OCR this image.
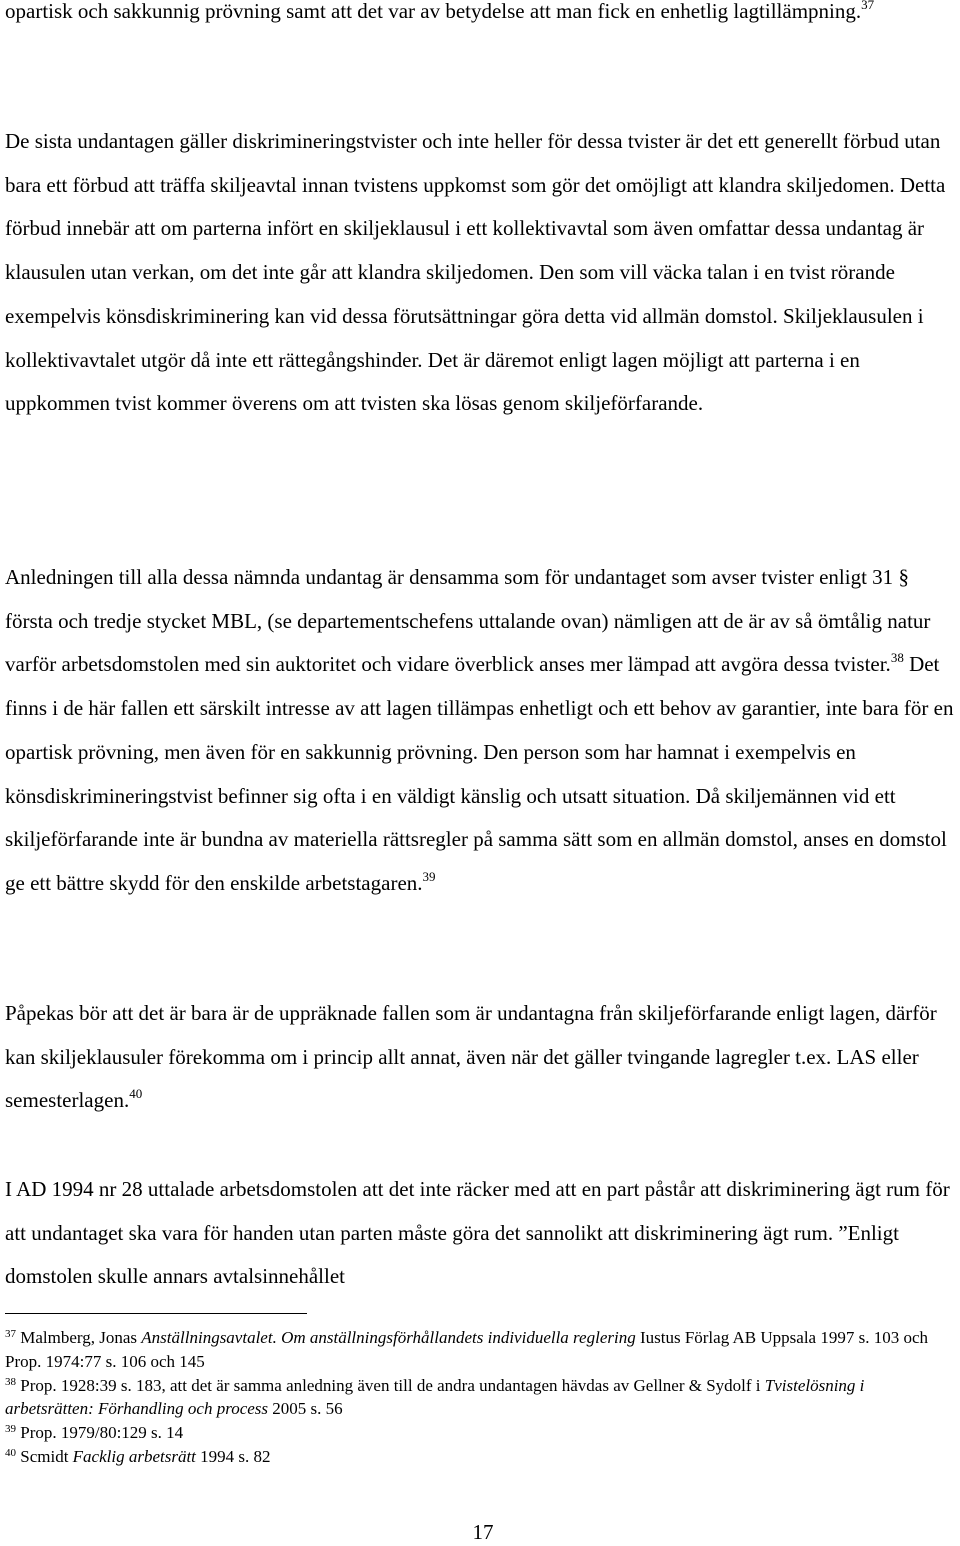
opartisk och sakkunnig prövning samt att det var av betydelse att man fick en enhetlig lagtillämpning.$^{37}$

De sista undantagen gäller diskrimineringstvister och inte heller för dessa tvister är det ett generellt förbud utan bara ett förbud att träffa skiljeavtal innan tvistens uppkomst som gör det omöjligt att klandra skiljedomen. Detta förbud innebär att om parterna infört en skiljeklausul i ett kollektivavtal som även omfattar dessa undantag är klausulen utan verkan, om det inte går att klandra skiljedomen. Den som vill väcka talan i en tvist rörande exempelvis könsdiskriminering kan vid dessa förutsättningar göra detta vid allmän domstol. Skiljeklausulen i kollektivavtalet utgör då inte ett rättegångshinder. Det är däremot enligt lagen möjligt att parterna i en uppkommen tvist kommer överens om att tvisten ska lösas genom skiljeförfarande.

Anledningen till alla dessa nämnda undantag är densamma som för undantaget som avser tvister enligt 31 § första och tredje stycket MBL, (se departementschefens uttalande ovan) nämligen att de är av så ömtålig natur varför arbetsdomstolen med sin auktoritet och vidare överblick anses mer lämpad att avgöra dessa tvister.$^{38}$ Det finns i de här fallen ett särskilt intresse av att lagen tillämpas enhetligt och ett behov av garantier, inte bara för en opartisk prövning, men även för en sakkunnig prövning. Den person som har hamnat i exempelvis en könsdiskrimineringstvist befinner sig ofta i en väldigt känslig och utsatt situation. Då skiljemännen vid ett skiljeförfarande inte är bundna av materiella rättsregler på samma sätt som en allmän domstol, anses en domstol ge ett bättre skydd för den enskilde arbetstagaren.$^{39}$

Påpekas bör att det är bara är de uppräknade fallen som är undantagna från skiljeförfarande enligt lagen, därför kan skiljeklausuler förekomma om i princip allt annat, även när det gäller tvingande lagregler t.ex. LAS eller semesterlagen.$^{40}$

I AD 1994 nr 28 uttalade arbetsdomstolen att det inte räcker med att en part påstår att diskriminering ägt rum för att undantaget ska vara för handen utan parten måste göra det sannolikt att diskriminering ägt rum. ”Enligt domstolen skulle annars avtalsinnehållet

$^{37}$ Malmberg, Jonas Anställningsavtalet. Om anställningsförhållandets individuella reglering Iustus Förlag AB Uppsala 1997 s. 103 och Prop. 1974:77 s. 106 och 145
$^{38}$ Prop. 1928:39 s. 183, att det är samma anledning även till de andra undantagen hävdas av Gellner & Sydolf i Tvistelösning i arbetsrätten: Förhandling och process 2005 s. 56
$^{39}$ Prop. 1979/80:129 s. 14
$^{40}$ Scmidt Facklig arbetsrätt 1994 s. 82
17
